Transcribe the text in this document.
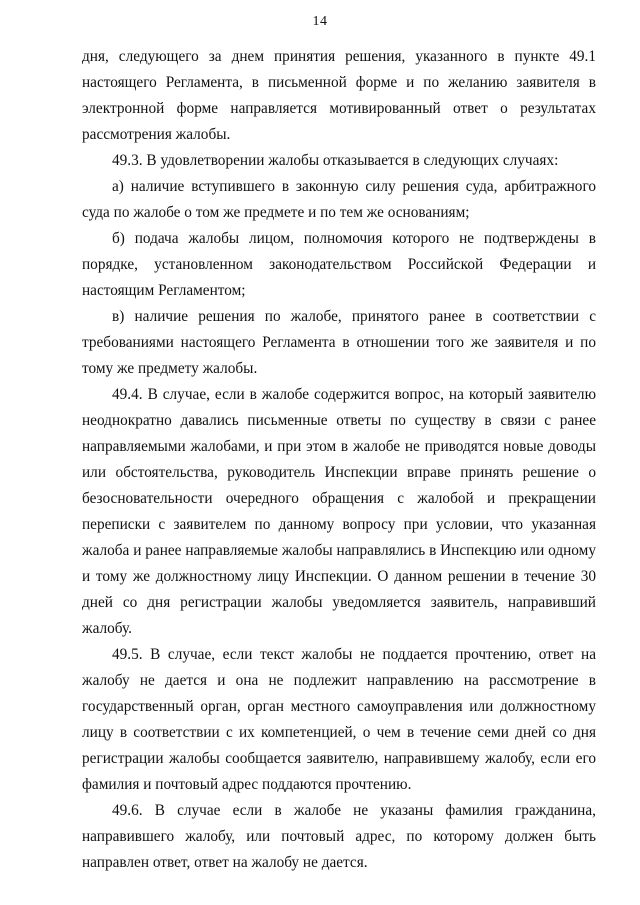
14

дня, следующего за днем принятия решения, указанного в пункте 49.1 настоящего Регламента, в письменной форме и по желанию заявителя в электронной форме направляется мотивированный ответ о результатах рассмотрения жалобы.

49.3. В удовлетворении жалобы отказывается в следующих случаях:

а) наличие вступившего в законную силу решения суда, арбитражного суда по жалобе о том же предмете и по тем же основаниям;

б) подача жалобы лицом, полномочия которого не подтверждены в порядке, установленном законодательством Российской Федерации и настоящим Регламентом;

в) наличие решения по жалобе, принятого ранее в соответствии с требованиями настоящего Регламента в отношении того же заявителя и по тому же предмету жалобы.

49.4. В случае, если в жалобе содержится вопрос, на который заявителю неоднократно давались письменные ответы по существу в связи с ранее направляемыми жалобами, и при этом в жалобе не приводятся новые доводы или обстоятельства, руководитель Инспекции вправе принять решение о безосновательности очередного обращения с жалобой и прекращении переписки с заявителем по данному вопросу при условии, что указанная жалоба и ранее направляемые жалобы направлялись в Инспекцию или одному и тому же должностному лицу Инспекции. О данном решении в течение 30 дней со дня регистрации жалобы уведомляется заявитель, направивший жалобу.

49.5. В случае, если текст жалобы не поддается прочтению, ответ на жалобу не дается и она не подлежит направлению на рассмотрение в государственный орган, орган местного самоуправления или должностному лицу в соответствии с их компетенцией, о чем в течение семи дней со дня регистрации жалобы сообщается заявителю, направившему жалобу, если его фамилия и почтовый адрес поддаются прочтению.

49.6. В случае если в жалобе не указаны фамилия гражданина, направившего жалобу, или почтовый адрес, по которому должен быть направлен ответ, ответ на жалобу не дается.
